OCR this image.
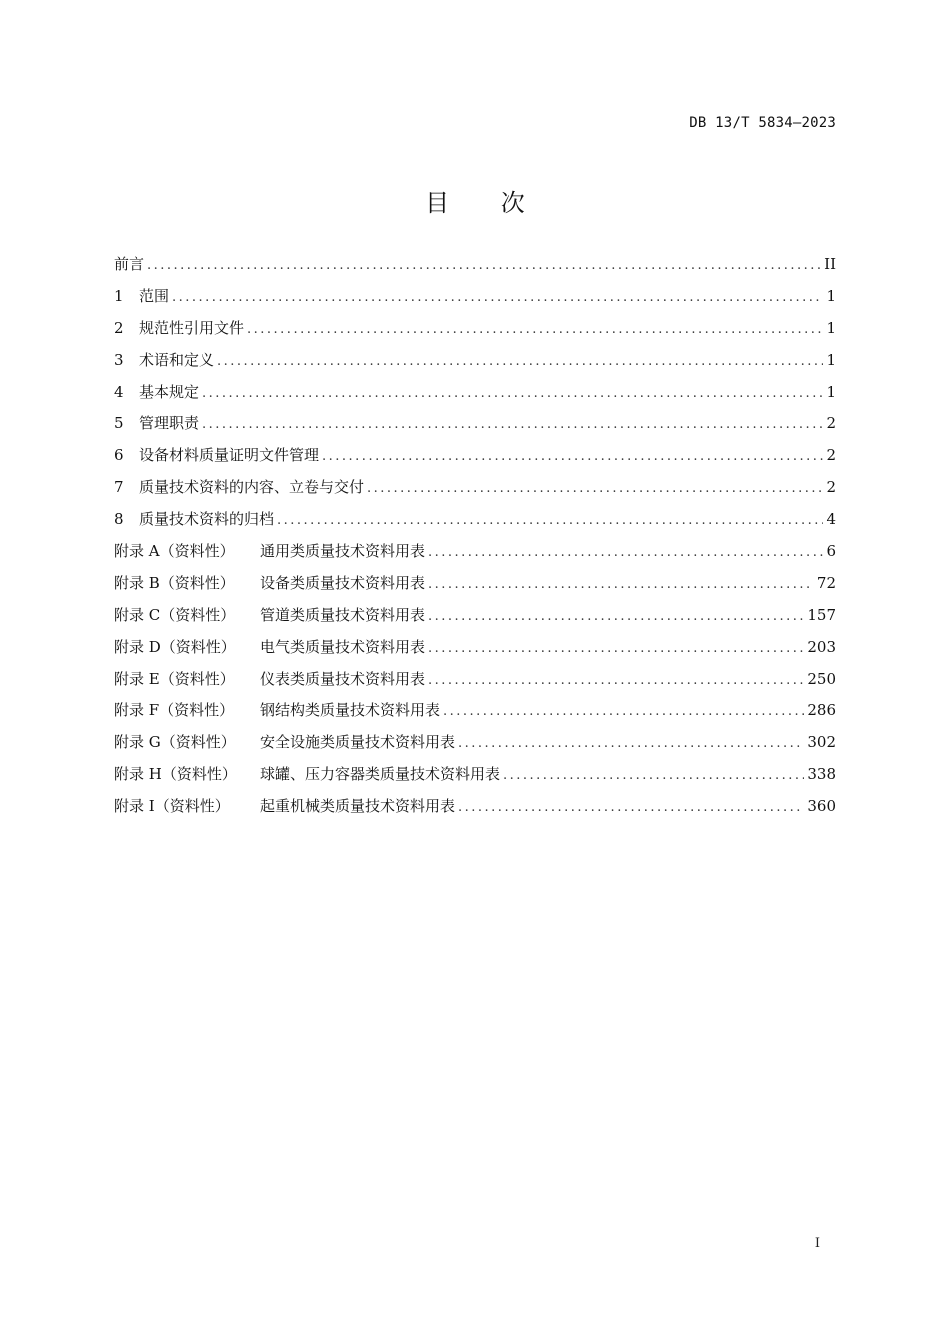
DB 13/T 5834—2023
目 次
前言 .....	II
1	范围 .....	1
2	规范性引用文件 .....	1
3	术语和定义 .....	1
4	基本规定 .....	1
5	管理职责 .....	2
6	设备材料质量证明文件管理 .....	2
7	质量技术资料的内容、立卷与交付 .....	2
8	质量技术资料的归档 .....	4
附录 A（资料性）	通用类质量技术资料用表 .....	6
附录 B（资料性）	设备类质量技术资料用表 .....	72
附录 C（资料性）	管道类质量技术资料用表 .....	157
附录 D（资料性）	电气类质量技术资料用表 .....	203
附录 E（资料性）	仪表类质量技术资料用表 .....	250
附录 F（资料性）	钢结构类质量技术资料用表 .....	286
附录 G（资料性）	安全设施类质量技术资料用表 .....	302
附录 H（资料性）	球罐、压力容器类质量技术资料用表 .....	338
附录 I（资料性）	起重机械类质量技术资料用表 .....	360
I
